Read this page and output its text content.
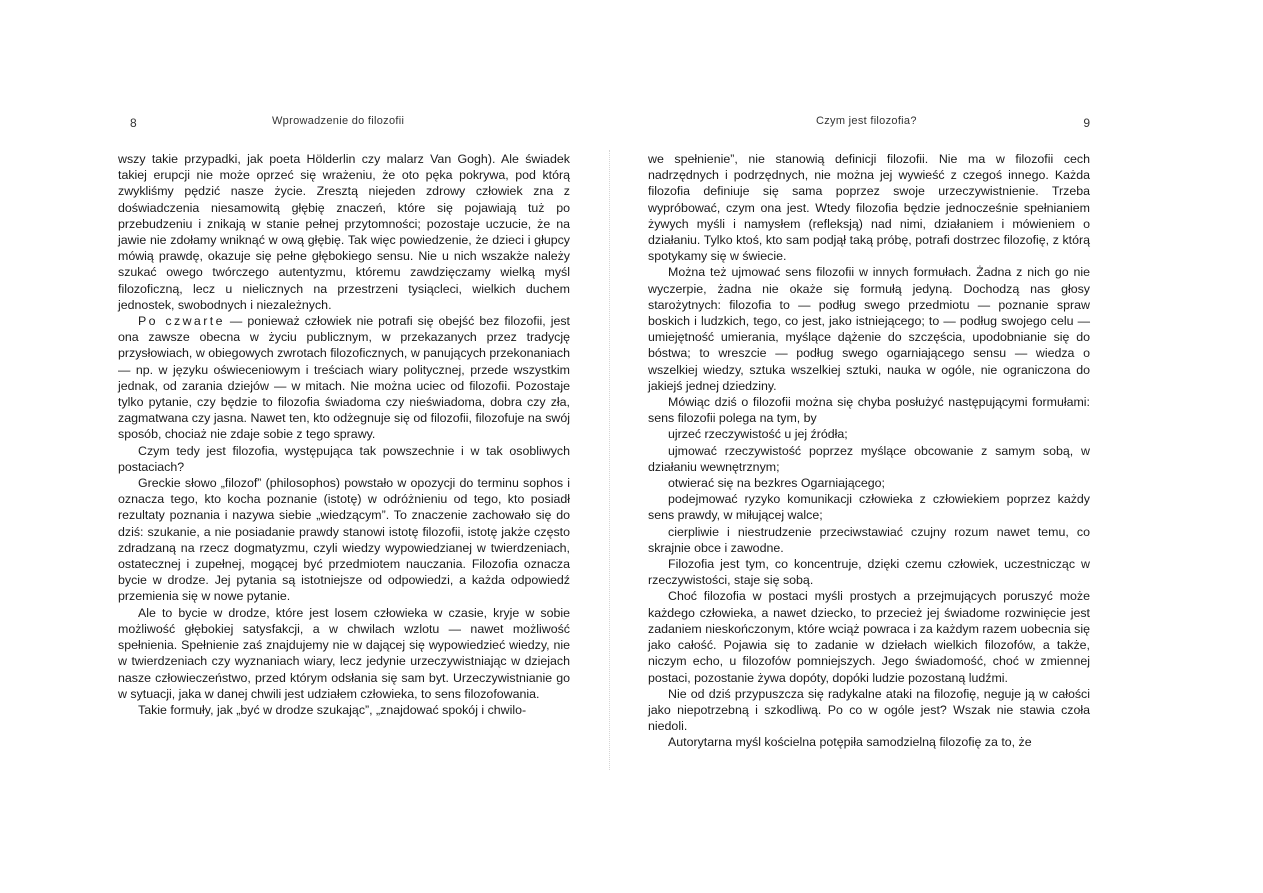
8	Wprowadzenie do filozofii

wszy takie przypadki, jak poeta Hölderlin czy malarz Van Gogh). Ale świadek takiej erupcji nie może oprzeć się wrażeniu, że oto pęka pokrywa, pod którą zwykliśmy pędzić nasze życie. Zresztą niejeden zdrowy człowiek zna z doświadczenia niesamowitą głębię znaczeń, które się pojawiają tuż po przebudzeniu i znikają w stanie pełnej przytomności; pozostaje uczucie, że na jawie nie zdołamy wniknąć w ową głębię. Tak więc powiedzenie, że dzieci i głupcy mówią prawdę, okazuje się pełne głębokiego sensu. Nie u nich wszakże należy szukać owego twórczego autentyzmu, któremu zawdzięczamy wielką myśl filozoficzną, lecz u nielicznych na przestrzeni tysiącleci, wielkich duchem jednostek, swobodnych i niezależnych.

Po czwarte — ponieważ człowiek nie potrafi się obejść bez filozofii, jest ona zawsze obecna w życiu publicznym, w przekazanych przez tradycję przysłowiach, w obiegowych zwrotach filozoficznych, w panujących przekonaniach — np. w języku oświeceniowym i treściach wiary politycznej, przede wszystkim jednak, od zarania dziejów — w mitach. Nie można uciec od filozofii. Pozostaje tylko pytanie, czy będzie to filozofia świadoma czy nieświadoma, dobra czy zła, zagmatwana czy jasna. Nawet ten, kto odżegnuje się od filozofii, filozofuje na swój sposób, chociaż nie zdaje sobie z tego sprawy.

Czym tedy jest filozofia, występująca tak powszechnie i w tak osobliwych postaciach?

Greckie słowo „filozof” (philosophos) powstało w opozycji do terminu sophos i oznacza tego, kto kocha poznanie (istotę) w odróżnieniu od tego, kto posiadł rezultaty poznania i nazywa siebie „wiedzącym”. To znaczenie zachowało się do dziś: szukanie, a nie posiadanie prawdy stanowi istotę filozofii, istotę jakże często zdradzaną na rzecz dogmatyzmu, czyli wiedzy wypowiedzianej w twierdzeniach, ostatecznej i zupełnej, mogącej być przedmiotem nauczania. Filozofia oznacza bycie w drodze. Jej pytania są istotniejsze od odpowiedzi, a każda odpowiedź przemienia się w nowe pytanie.

Ale to bycie w drodze, które jest losem człowieka w czasie, kryje w sobie możliwość głębokiej satysfakcji, a w chwilach wzlotu — nawet możliwość spełnienia. Spełnienie zaś znajdujemy nie w dającej się wypowiedzieć wiedzy, nie w twierdzeniach czy wyznaniach wiary, lecz jedynie urzeczywistniając w dziejach nasze człowieczeństwo, przed którym odsłania się sam byt. Urzeczywistnianie go w sytuacji, jaka w danej chwili jest udziałem człowieka, to sens filozofowania.

Takie formuły, jak „być w drodze szukając”, „znajdować spokój i chwilo-

Czym jest filozofia?	9

we spełnienie”, nie stanowią definicji filozofii. Nie ma w filozofii cech nadrzędnych i podrzędnych, nie można jej wywieść z czegoś innego. Każda filozofia definiuje się sama poprzez swoje urzeczywistnienie. Trzeba wypróbować, czym ona jest. Wtedy filozofia będzie jednocześnie spełnianiem żywych myśli i namysłem (refleksją) nad nimi, działaniem i mówieniem o działaniu. Tylko ktoś, kto sam podjął taką próbę, potrafi dostrzec filozofię, z którą spotykamy się w świecie.

Można też ujmować sens filozofii w innych formułach. Żadna z nich go nie wyczerpie, żadna nie okaże się formułą jedyną. Dochodzą nas głosy starożytnych: filozofia to — podług swego przedmiotu — poznanie spraw boskich i ludzkich, tego, co jest, jako istniejącego; to — podług swojego celu — umiejętność umierania, myślące dążenie do szczęścia, upodobnianie się do bóstwa; to wreszcie — podług swego ogarniającego sensu — wiedza o wszelkiej wiedzy, sztuka wszelkiej sztuki, nauka w ogóle, nie ograniczona do jakiejś jednej dziedziny.

Mówiąc dziś o filozofii można się chyba posłużyć następującymi formułami: sens filozofii polega na tym, by

ujrzeć rzeczywistość u jej źródła;

ujmować rzeczywistość poprzez myślące obcowanie z samym sobą, w działaniu wewnętrznym;

otwierać się na bezkres Ogarniającego;

podejmować ryzyko komunikacji człowieka z człowiekiem poprzez każdy sens prawdy, w miłującej walce;

cierpliwie i niestrudzenie przeciwstawiać czujny rozum nawet temu, co skrajnie obce i zawodne.

Filozofia jest tym, co koncentruje, dzięki czemu człowiek, uczestnicząc w rzeczywistości, staje się sobą.

Choć filozofia w postaci myśli prostych a przejmujących poruszyć może każdego człowieka, a nawet dziecko, to przecież jej świadome rozwinięcie jest zadaniem nieskończonym, które wciąż powraca i za każdym razem uobecnia się jako całość. Pojawia się to zadanie w dziełach wielkich filozofów, a także, niczym echo, u filozofów pomniejszych. Jego świadomość, choć w zmiennej postaci, pozostanie żywa dopóty, dopóki ludzie pozostaną ludźmi.

Nie od dziś przypuszcza się radykalne ataki na filozofię, neguje ją w całości jako niepotrzebną i szkodliwą. Po co w ogóle jest? Wszak nie stawia czoła niedoli.

Autorytarna myśl kościelna potępiła samodzielną filozofię za to, że
